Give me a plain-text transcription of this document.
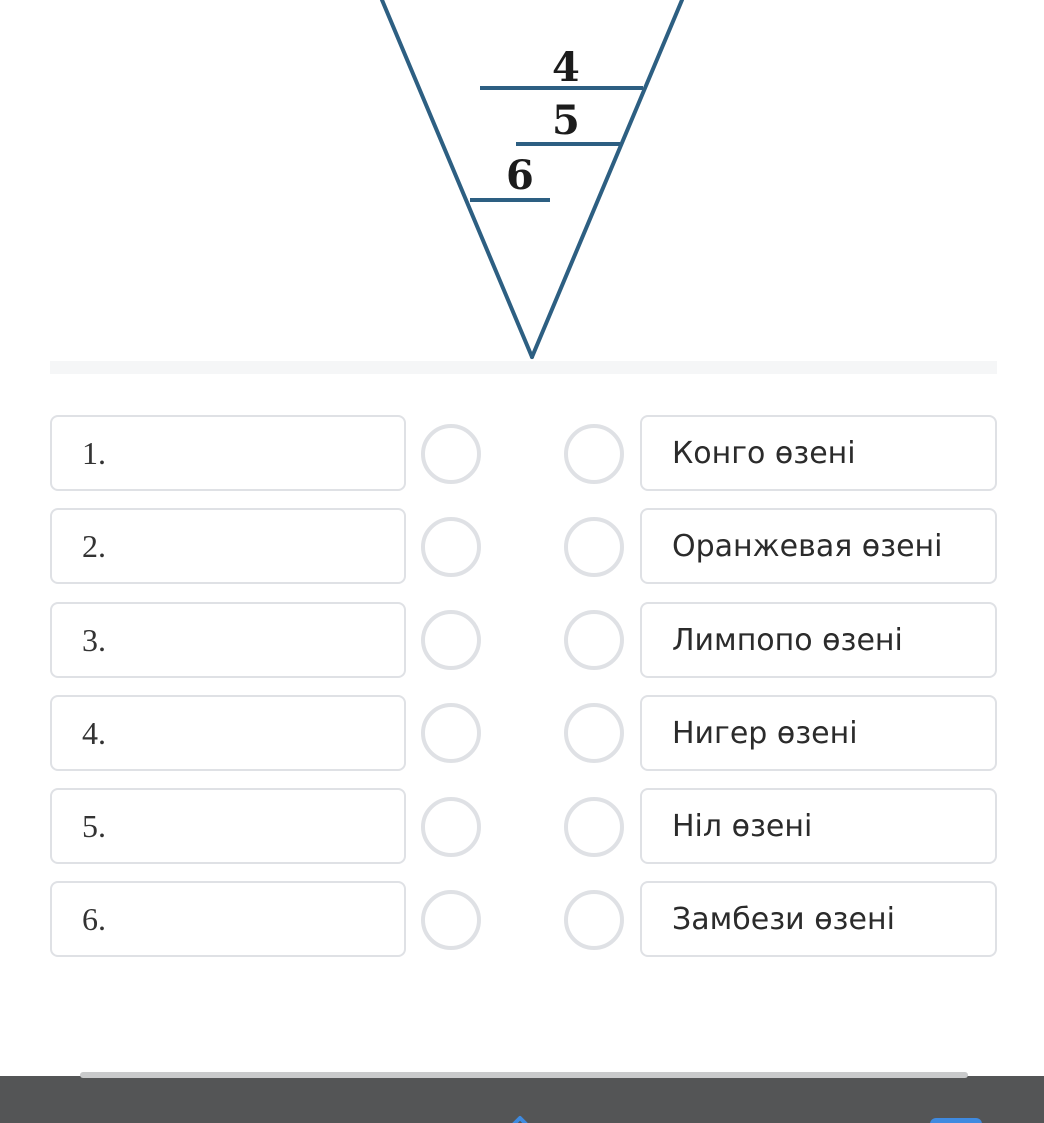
4
5
6
1.	Конго өзені
2.	Оранжевая өзені
3.	Лимпопо өзені
4.	Нигер өзені
5.	Ніл өзені
6.	Замбези өзені
